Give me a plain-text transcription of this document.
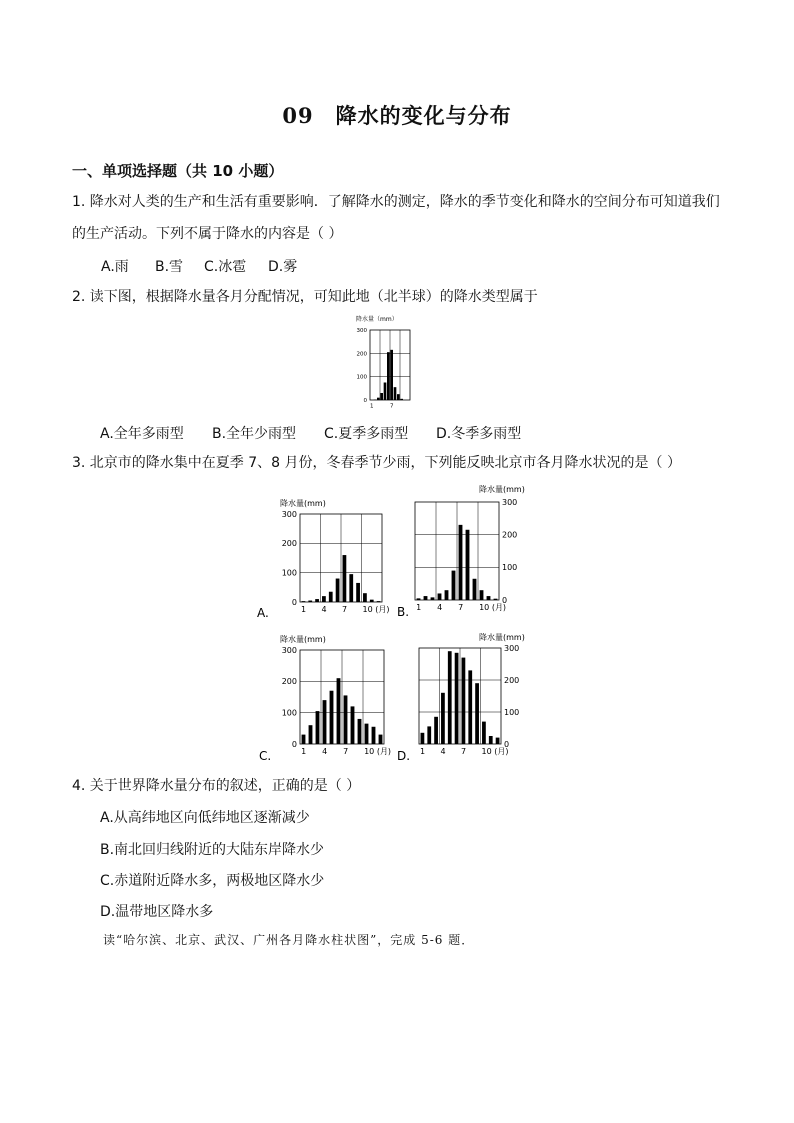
09 降水的变化与分布
一、单项选择题（共 10 小题）
1. 降水对人类的生产和生活有重要影响．了解降水的测定，降水的季节变化和降水的空间分布可知道我们
的生产活动。下列不属于降水的内容是（ ）
A.雨 B.雪 C.冰雹 D.雾
2. 读下图，根据降水量各月分配情况，可知此地（北半球）的降水类型属于
降水量（mm）
0
100
200
300
1	7
A.全年多雨型 B.全年少雨型 C.夏季多雨型 D.冬季多雨型
3. 北京市的降水集中在夏季 7、8 月份，冬春季节少雨，下列能反映北京市各月降水状况的是（ ）
降水量(mm)
A.
0
100
200
300
1 4 7 10 (月)
降水量(mm)
B.
0
100
200
300
1 4 7 10 (月)
降水量(mm)
C.
0
100
200
300
1 4 7 10 (月)
降水量(mm)
D.
0
100
200
300
1 4 7 10 (月)
4. 关于世界降水量分布的叙述，正确的是（ ）
A.从高纬地区向低纬地区逐渐减少
B.南北回归线附近的大陆东岸降水少
C.赤道附近降水多，两极地区降水少
D.温带地区降水多
读“哈尔滨、北京、武汉、广州各月降水柱状图”，完成 5-6 题．
